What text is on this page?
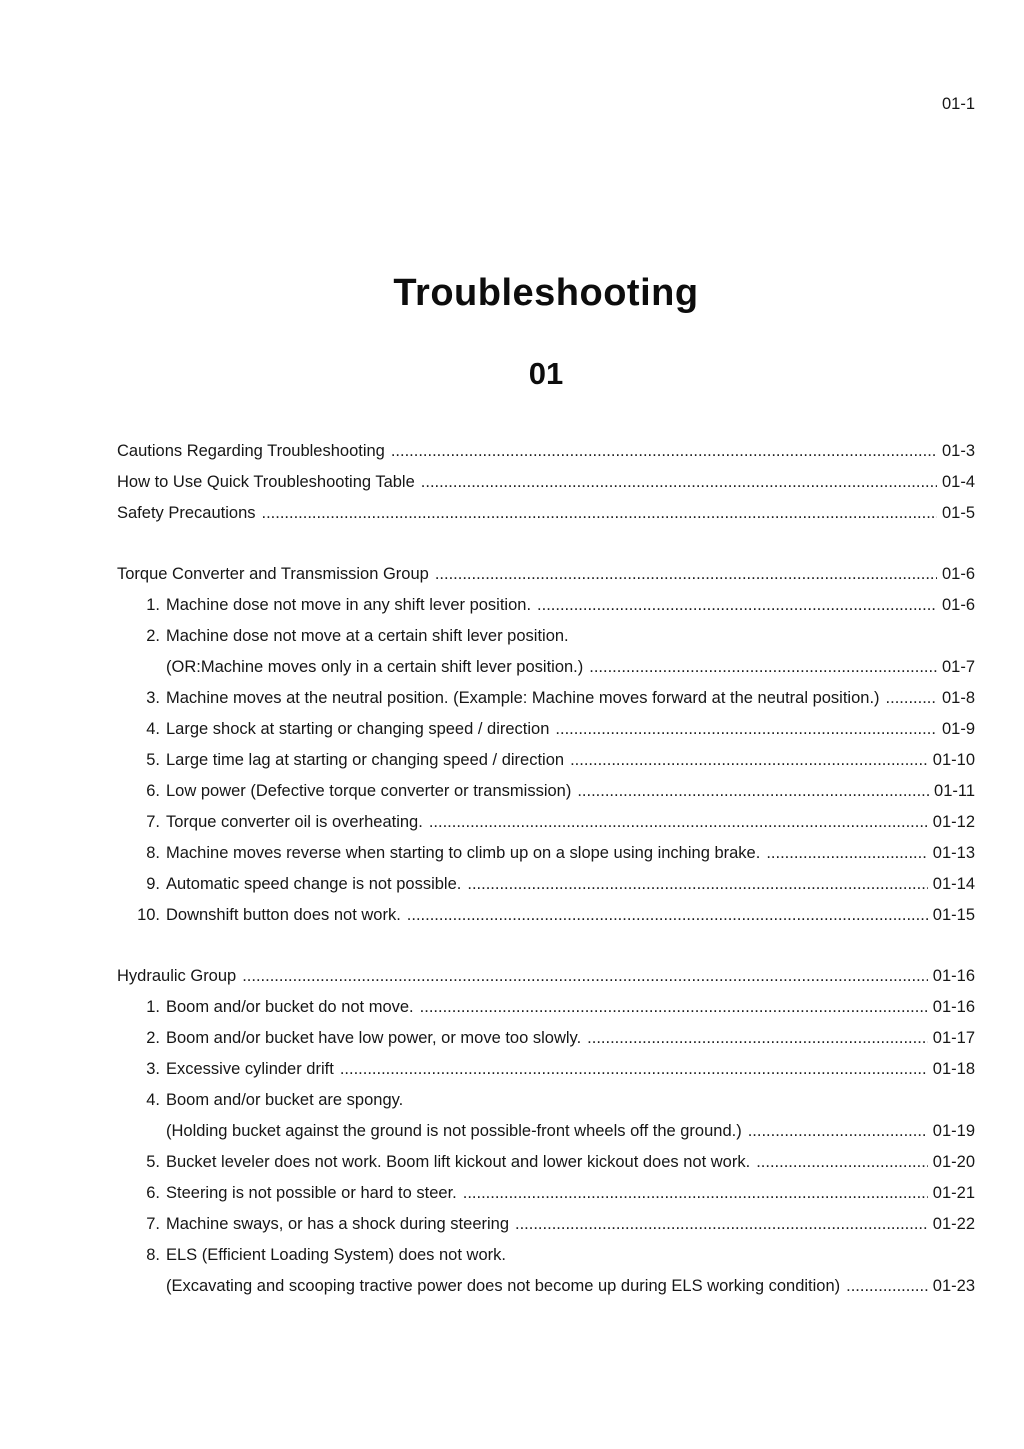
01-1
Troubleshooting
01
Cautions Regarding Troubleshooting .....	01-3
How to Use Quick Troubleshooting Table .....	01-4
Safety Precautions .....	01-5
Torque Converter and Transmission Group .....	01-6
1. Machine dose not move in any shift lever position. .....	01-6
2. Machine dose not move at a certain shift lever position.
(OR:Machine moves only in a certain shift lever position.) .....	01-7
3. Machine moves at the neutral position. (Example: Machine moves forward at the neutral position.) .....	01-8
4. Large shock at starting or changing speed / direction .....	01-9
5. Large time lag at starting or changing speed / direction .....	01-10
6. Low power (Defective torque converter or transmission) .....	01-11
7. Torque converter oil is overheating. .....	01-12
8. Machine moves reverse when starting to climb up on a slope using inching brake. .....	01-13
9. Automatic speed change is not possible. .....	01-14
10. Downshift button does not work. .....	01-15
Hydraulic Group .....	01-16
1. Boom and/or bucket do not move. .....	01-16
2. Boom and/or bucket have low power, or move too slowly. .....	01-17
3. Excessive cylinder drift .....	01-18
4. Boom and/or bucket are spongy.
(Holding bucket against the ground is not possible-front wheels off the ground.) .....	01-19
5. Bucket leveler does not work. Boom lift kickout and lower kickout does not work. .....	01-20
6. Steering is not possible or hard to steer. .....	01-21
7. Machine sways, or has a shock during steering .....	01-22
8. ELS (Efficient Loading System) does not work.
(Excavating and scooping tractive power does not become up during ELS working condition) .....	01-23
